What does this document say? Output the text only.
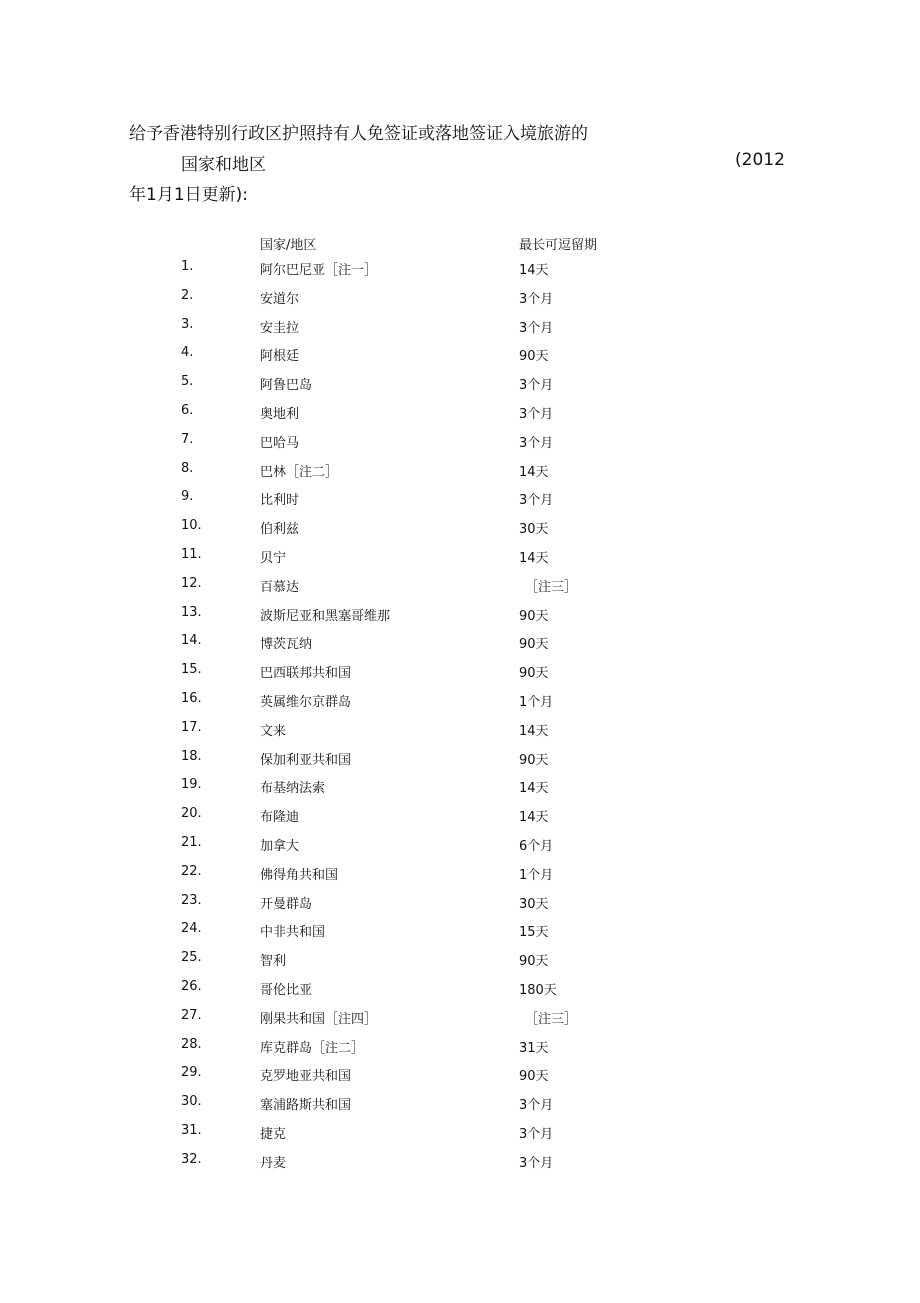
给予香港特别行政区护照持有人免签证或落地签证入境旅游的
国家和地区	(2012
年1月1日更新):
国家/地区	最长可逗留期
1.	阿尔巴尼亚［注一］	14天
2.	安道尔	3个月
3.	安圭拉	3个月
4.	阿根廷	90天
5.	阿鲁巴岛	3个月
6.	奥地利	3个月
7.	巴哈马	3个月
8.	巴林［注二］	14天
9.	比利时	3个月
10.	伯利兹	30天
11.	贝宁	14天
12.	百慕达	［注三］
13.	波斯尼亚和黑塞哥维那	90天
14.	博茨瓦纳	90天
15.	巴西联邦共和国	90天
16.	英属维尔京群岛	1个月
17.	文来	14天
18.	保加利亚共和国	90天
19.	布基纳法索	14天
20.	布隆迪	14天
21.	加拿大	6个月
22.	佛得角共和国	1个月
23.	开曼群岛	30天
24.	中非共和国	15天
25.	智利	90天
26.	哥伦比亚	180天
27.	刚果共和国［注四］	［注三］
28.	库克群岛［注二］	31天
29.	克罗地亚共和国	90天
30.	塞浦路斯共和国	3个月
31.	捷克	3个月
32.	丹麦	3个月
